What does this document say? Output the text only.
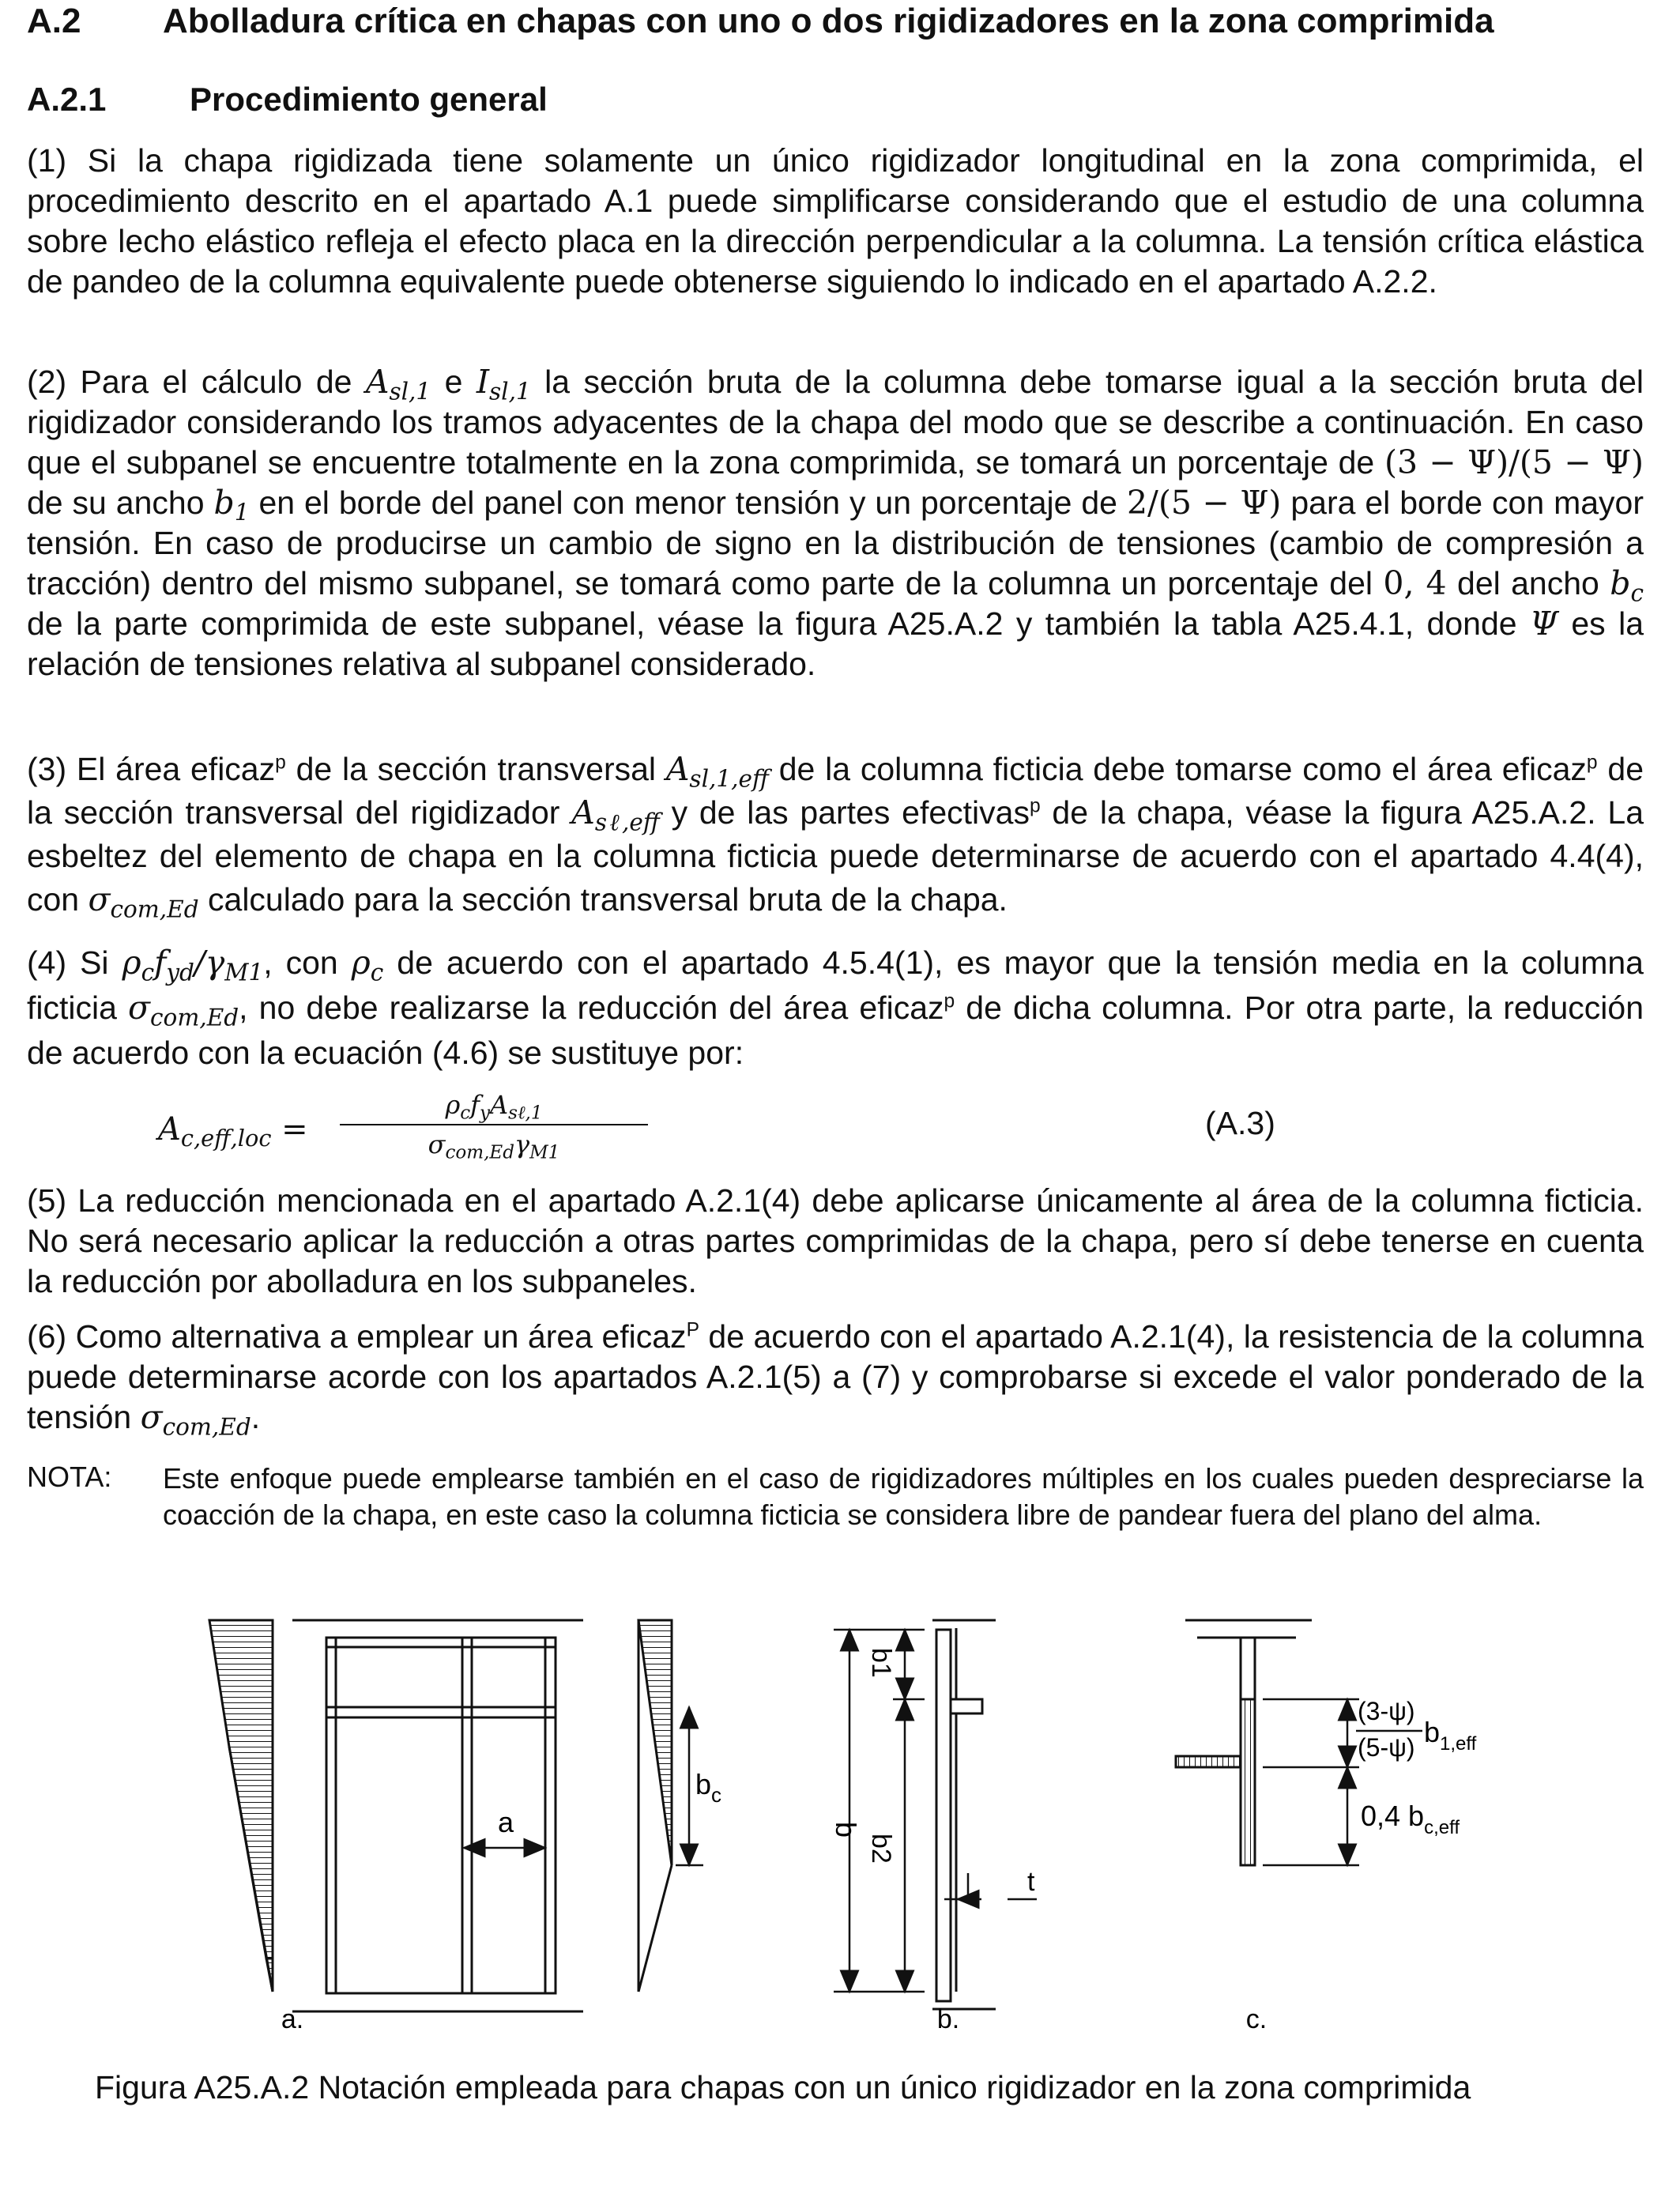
A.2 Abolladura crítica en chapas con uno o dos rigidizadores en la zona comprimida
A.2.1	Procedimiento general
(1) Si la chapa rigidizada tiene solamente un único rigidizador longitudinal en la zona comprimida, el procedimiento descrito en el apartado A.1 puede simplificarse considerando que el estudio de una columna sobre lecho elástico refleja el efecto placa en la dirección perpendicular a la columna. La tensión crítica elástica de pandeo de la columna equivalente puede obtenerse siguiendo lo indicado en el apartado A.2.2.
(2) Para el cálculo de $A_{sl,1}$ e $I_{sl,1}$ la sección bruta de la columna debe tomarse igual a la sección bruta del rigidizador considerando los tramos adyacentes de la chapa del modo que se describe a continuación. En caso que el subpanel se encuentre totalmente en la zona comprimida, se tomará un porcentaje de (3 − Ψ)/(5 − Ψ) de su ancho $b_1$ en el borde del panel con menor tensión y un porcentaje de 2/(5 − Ψ) para el borde con mayor tensión. En caso de producirse un cambio de signo en la distribución de tensiones (cambio de compresión a tracción) dentro del mismo subpanel, se tomará como parte de la columna un porcentaje del 0, 4 del ancho $b_c$ de la parte comprimida de este subpanel, véase la figura A25.A.2 y también la tabla A25.4.1, donde Ψ es la relación de tensiones relativa al subpanel considerado.
(3) El área eficaz$^p$ de la sección transversal $A_{sl,1,eff}$ de la columna ficticia debe tomarse como el área eficaz$^p$ de la sección transversal del rigidizador $A_{s\ell,eff}$ y de las partes efectivas$^p$ de la chapa, véase la figura A25.A.2. La esbeltez del elemento de chapa en la columna ficticia puede determinarse de acuerdo con el apartado 4.4(4), con $\sigma_{com,Ed}$ calculado para la sección transversal bruta de la chapa.
(4) Si $\rho_cf_{yd}/\gamma_{M1}$, con $\rho_c$ de acuerdo con el apartado 4.5.4(1), es mayor que la tensión media en la columna ficticia $\sigma_{com,Ed}$, no debe realizarse la reducción del área eficaz$^p$ de dicha columna. Por otra parte, la reducción de acuerdo con la ecuación (4.6) se sustituye por:
$A_{c,eff,loc}$ =
$\rho_cf_yA_{s\ell,1}$
$\sigma_{com,Ed}\gamma_{M1}$
(A.3)
(5) La reducción mencionada en el apartado A.2.1(4) debe aplicarse únicamente al área de la columna ficticia. No será necesario aplicar la reducción a otras partes comprimidas de la chapa, pero sí debe tenerse en cuenta la reducción por abolladura en los subpaneles.
(6) Como alternativa a emplear un área eficaz$^P$ de acuerdo con el apartado A.2.1(4), la resistencia de la columna puede determinarse acorde con los apartados A.2.1(5) a (7) y comprobarse si excede el valor ponderado de la tensión $\sigma_{com,Ed}$.
NOTA: Este enfoque puede emplearse también en el caso de rigidizadores múltiples en los cuales pueden despreciarse la coacción de la chapa, en este caso la columna ficticia se considera libre de pandear fuera del plano del alma.
a
$b_c$
a.
b
b1
b2
t
b.
(3-ψ)
(5-ψ) $b_{1,eff}$
0,4 $b_{c,eff}$
c.
Figura A25.A.2 Notación empleada para chapas con un único rigidizador en la zona comprimida
